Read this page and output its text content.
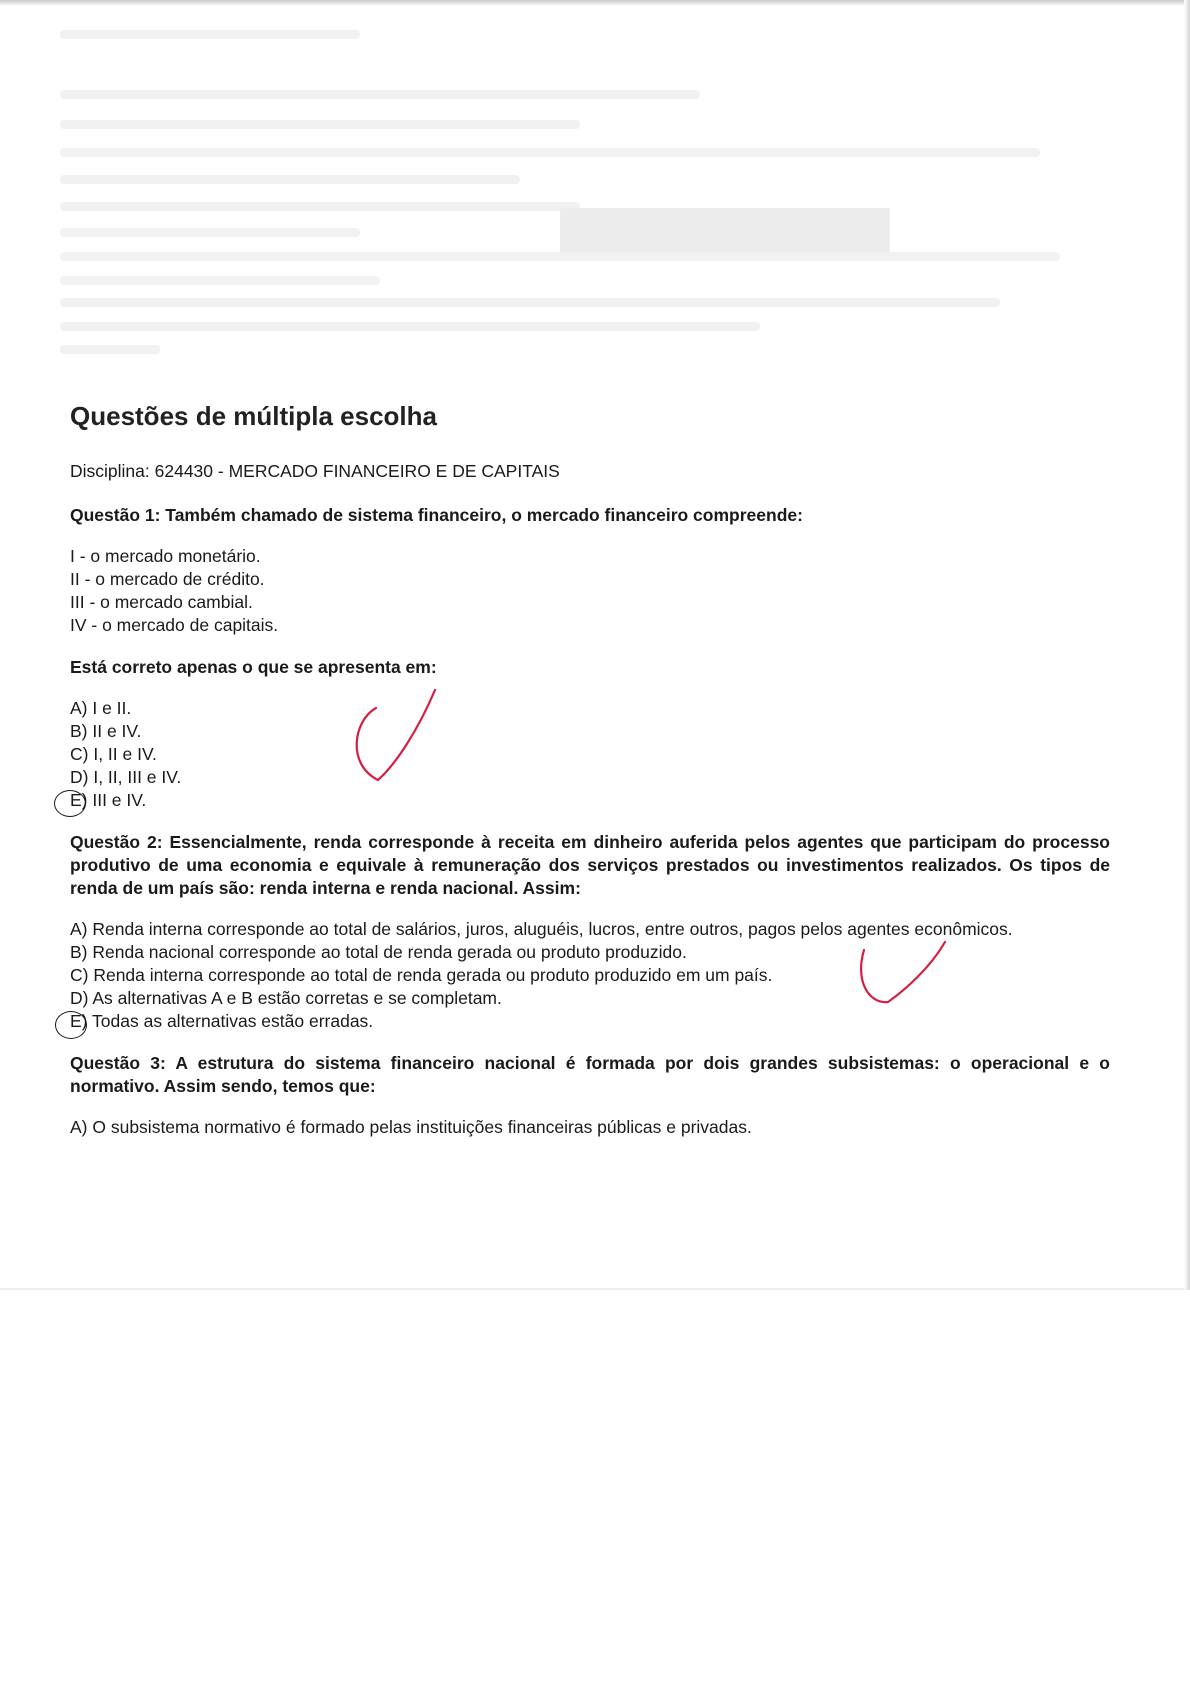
Questões de múltipla escolha
Disciplina: 624430 - MERCADO FINANCEIRO E DE CAPITAIS
Questão 1: Também chamado de sistema financeiro, o mercado financeiro compreende:
I - o mercado monetário.
II - o mercado de crédito.
III - o mercado cambial.
IV - o mercado de capitais.
Está correto apenas o que se apresenta em:
A) I e II.
B) II e IV.
C) I, II e IV.
D) I, II, III e IV.
E) III e IV.
Questão 2: Essencialmente, renda corresponde à receita em dinheiro auferida pelos agentes que participam do processo produtivo de uma economia e equivale à remuneração dos serviços prestados ou investimentos realizados. Os tipos de renda de um país são: renda interna e renda nacional. Assim:
A) Renda interna corresponde ao total de salários, juros, aluguéis, lucros, entre outros, pagos pelos agentes econômicos.
B) Renda nacional corresponde ao total de renda gerada ou produto produzido.
C) Renda interna corresponde ao total de renda gerada ou produto produzido em um país.
D) As alternativas A e B estão corretas e se completam.
E) Todas as alternativas estão erradas.
Questão 3: A estrutura do sistema financeiro nacional é formada por dois grandes subsistemas: o operacional e o normativo. Assim sendo, temos que:
A) O subsistema normativo é formado pelas instituições financeiras públicas e privadas.
